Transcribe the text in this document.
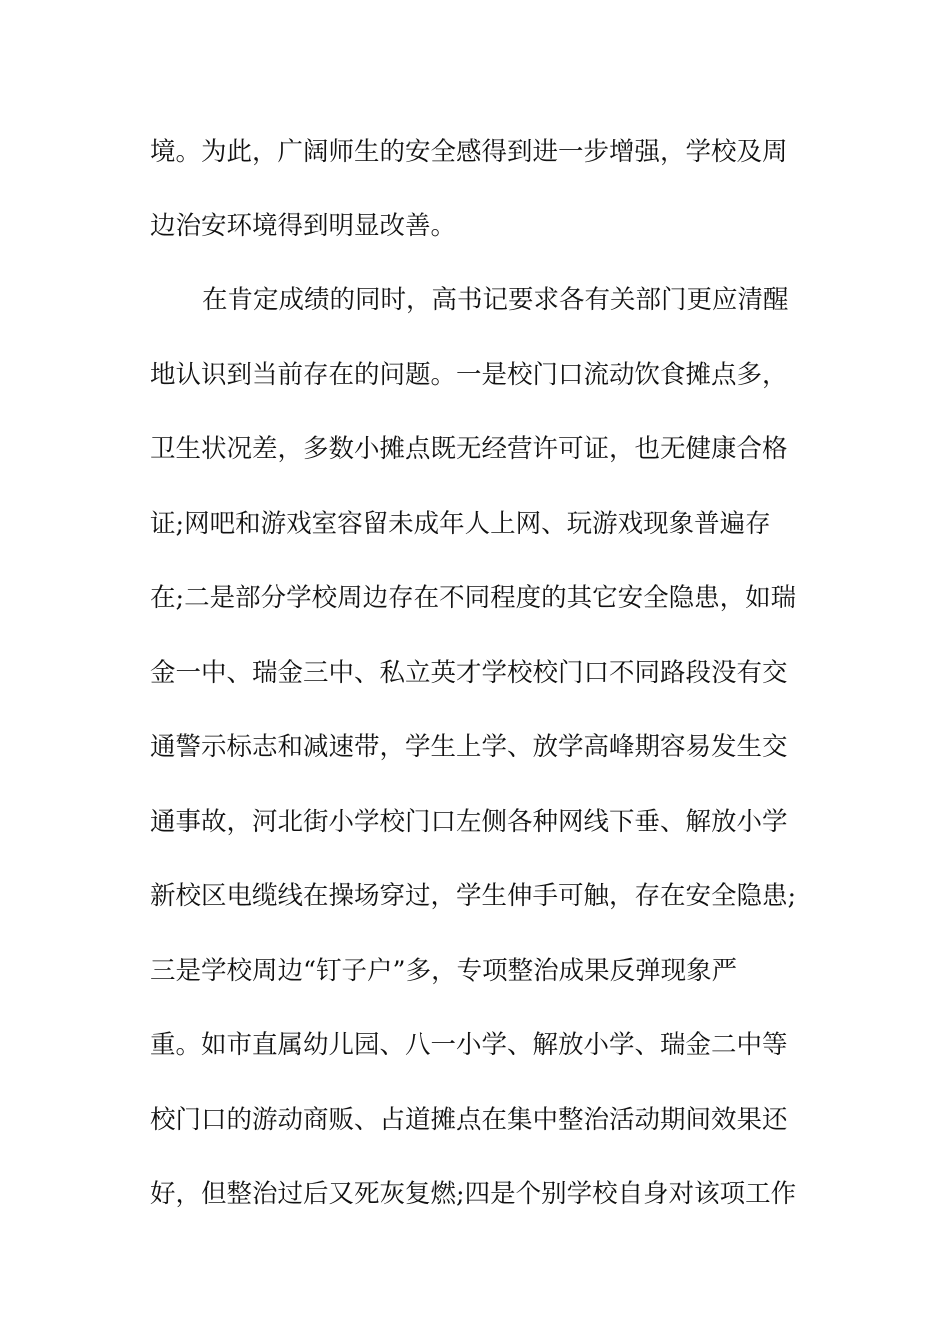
境。为此，广阔师生的安全感得到进一步增强，学校及周
边治安环境得到明显改善。
在肯定成绩的同时，高书记要求各有关部门更应清醒
地认识到当前存在的问题。一是校门口流动饮食摊点多，
卫生状况差，多数小摊点既无经营许可证，也无健康合格
证;网吧和游戏室容留未成年人上网、玩游戏现象普遍存
在;二是部分学校周边存在不同程度的其它安全隐患，如瑞
金一中、瑞金三中、私立英才学校校门口不同路段没有交
通警示标志和减速带，学生上学、放学高峰期容易发生交
通事故，河北街小学校门口左侧各种网线下垂、解放小学
新校区电缆线在操场穿过，学生伸手可触，存在安全隐患;
三是学校周边“钉子户”多，专项整治成果反弹现象严
重。如市直属幼儿园、八一小学、解放小学、瑞金二中等
校门口的游动商贩、占道摊点在集中整治活动期间效果还
好，但整治过后又死灰复燃;四是个别学校自身对该项工作
